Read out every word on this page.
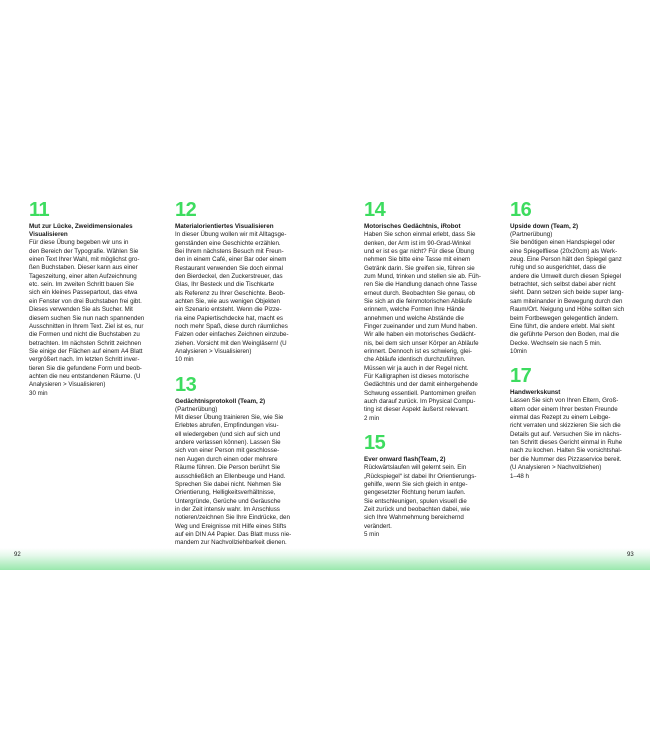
11

Mut zur Lücke, Zweidimensionales Visualisieren

Für diese Übung begeben wir uns in
den Bereich der Typografie. Wählen Sie
einen Text Ihrer Wahl, mit möglichst gro-
ßen Buchstaben. Dieser kann aus einer
Tageszeitung, einer alten Aufzeichnung
etc. sein. Im zweiten Schritt bauen Sie
sich ein kleines Passepartout, das etwa
ein Fenster von drei Buchstaben frei gibt.
Dieses verwenden Sie als Sucher. Mit
diesem suchen Sie nun nach spannenden
Ausschnitten in Ihrem Text. Ziel ist es, nur
die Formen und nicht die Buchstaben zu
betrachten. Im nächsten Schritt zeichnen
Sie einige der Flächen auf einem A4 Blatt
vergrößert nach. Im letzten Schritt inver-
tieren Sie die gefundene Form und beob-
achten die neu entstandenen Räume. (U
Analysieren > Visualisieren)

30 min

12

Materialorientiertes Visualisieren

In dieser Übung wollen wir mit Alltagsge-
genständen eine Geschichte erzählen.
Bei Ihrem nächstens Besuch mit Freun-
den in einem Café, einer Bar oder einem
Restaurant verwenden Sie doch einmal
den Bierdeckel, den Zuckerstreuer, das
Glas, Ihr Besteck und die Tischkarte
als Referenz zu Ihrer Geschichte. Beob-
achten Sie, wie aus wenigen Objekten
ein Szenario entsteht. Wenn die Pizze-
ria eine Papiertischdecke hat, macht es
noch mehr Spaß, diese durch räumliches
Falzen oder einfaches Zeichnen einzube-
ziehen. Vorsicht mit den Weingläsern! (U
Analysieren > Visualisieren)

10 min

13

Gedächtnisprotokoll (Team, 2)

(Partnerübung)

Mit dieser Übung trainieren Sie, wie Sie
Erlebtes abrufen, Empfindungen visu-
ell wiedergeben (und sich auf sich und
andere verlassen können). Lassen Sie
sich von einer Person mit geschlosse-
nen Augen durch einen oder mehrere
Räume führen. Die Person berührt Sie
ausschließlich an Ellenbeuge und Hand.
Sprechen Sie dabei nicht. Nehmen Sie
Orientierung, Helligkeitsverhältnisse,
Untergründe, Gerüche und Geräusche
in der Zeit intensiv wahr. Im Anschluss
notieren/zeichnen Sie Ihre Eindrücke, den
Weg und Ereignisse mit Hilfe eines Stifts
auf ein DIN A4 Papier. Das Blatt muss nie-
mandem zur Nachvollziehbarkeit dienen.

14

Motorisches Gedächtnis, iRobot

Haben Sie schon einmal erlebt, dass Sie
denken, der Arm ist im 90-Grad-Winkel
und er ist es gar nicht? Für diese Übung
nehmen Sie bitte eine Tasse mit einem
Getränk darin. Sie greifen sie, führen sie
zum Mund, trinken und stellen sie ab. Füh-
ren Sie die Handlung danach ohne Tasse
erneut durch. Beobachten Sie genau, ob
Sie sich an die feinmotorischen Abläufe
erinnern, welche Formen Ihre Hände
annehmen und welche Abstände die
Finger zueinander und zum Mund haben.
Wir alle haben ein motorisches Gedächt-
nis, bei dem sich unser Körper an Abläufe
erinnert. Dennoch ist es schwierig, glei-
che Abläufe identisch durchzuführen.
Müssen wir ja auch in der Regel nicht.
Für Kalligraphen ist dieses motorische
Gedächtnis und der damit einhergehende
Schwung essentiell. Pantomimen greifen
auch darauf zurück. Im Physical Compu-
ting ist dieser Aspekt äußerst relevant.

2 min

15

Ever onward flash(Team, 2)

Rückwärtslaufen will gelernt sein. Ein
„Rückspiegel“ ist dabei Ihr Orientierungs-
gehilfe, wenn Sie sich gleich in entge-
gengesetzter Richtung herum laufen.
Sie entschleunigen, spulen visuell die
Zeit zurück und beobachten dabei, wie
sich Ihre Wahrnehmung bereichernd
verändert.

5 min

16

Upside down (Team, 2)

(Partnerübung)

Sie benötigen einen Handspiegel oder
eine Spiegelfliese (20x20cm) als Werk-
zeug. Eine Person hält den Spiegel ganz
ruhig und so ausgerichtet, dass die
andere die Umwelt durch diesen Spiegel
betrachtet, sich selbst dabei aber nicht
sieht. Dann setzen sich beide super lang-
sam miteinander in Bewegung durch den
Raum/Ort. Neigung und Höhe sollten sich
beim Fortbewegen gelegentlich ändern.
Eine führt, die andere erlebt. Mal sieht
die geführte Person den Boden, mal die
Decke. Wechseln sie nach 5 min.

10min

17

Handwerkskunst

Lassen Sie sich von Ihren Eltern, Groß-
eltern oder einem Ihrer besten Freunde
einmal das Rezept zu einem Leibge-
richt verraten und skizzieren Sie sich die
Details gut auf. Versuchen Sie im nächs-
ten Schritt dieses Gericht einmal in Ruhe
nach zu kochen. Halten Sie vorsichtshal-
ber die Nummer des Pizzaservice bereit.
(U Analysieren > Nachvollziehen)

1–48 h

92	93
